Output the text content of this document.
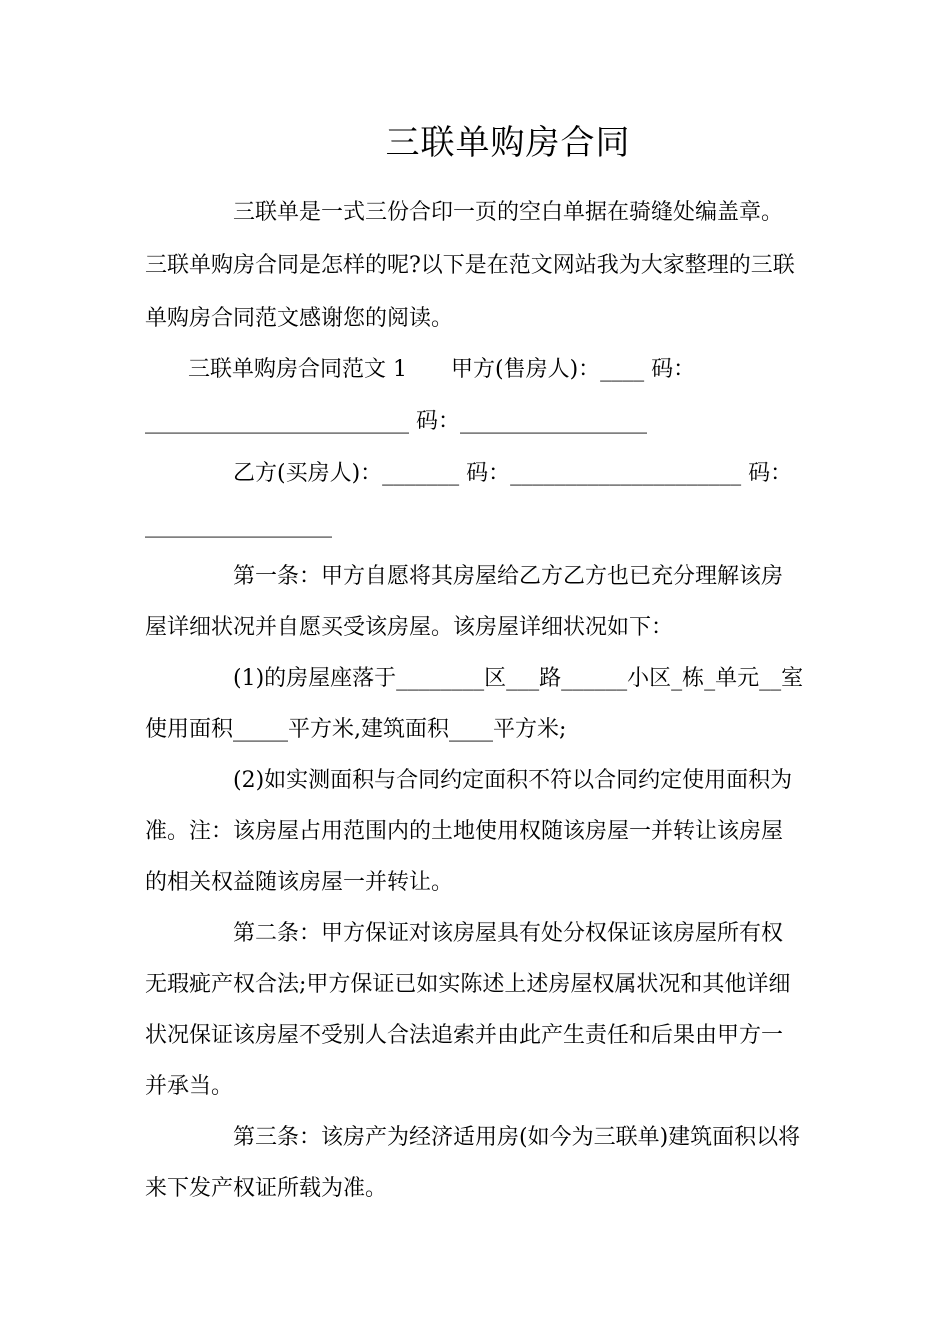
三联单购房合同
三联单是一式三份合印一页的空白单据在骑缝处编盖章。
三联单购房合同是怎样的呢?以下是在范文网站我为大家整理的三联
单购房合同范文感谢您的阅读。
三联单购房合同范文 1 甲方(售房人)：____ 码：
________________________ 码：_________________
乙方(买房人)：_______ 码：_____________________ 码：
_________________
第一条：甲方自愿将其房屋给乙方乙方也已充分理解该房
屋详细状况并自愿买受该房屋。该房屋详细状况如下：
(1)的房屋座落于________区___路______小区_栋_单元__室
使用面积_____平方米,建筑面积____平方米;
(2)如实测面积与合同约定面积不符以合同约定使用面积为
准。注：该房屋占用范围内的土地使用权随该房屋一并转让该房屋
的相关权益随该房屋一并转让。
第二条：甲方保证对该房屋具有处分权保证该房屋所有权
无瑕疵产权合法;甲方保证已如实陈述上述房屋权属状况和其他详细
状况保证该房屋不受别人合法追索并由此产生责任和后果由甲方一
并承当。
第三条：该房产为经济适用房(如今为三联单)建筑面积以将
来下发产权证所载为准。
